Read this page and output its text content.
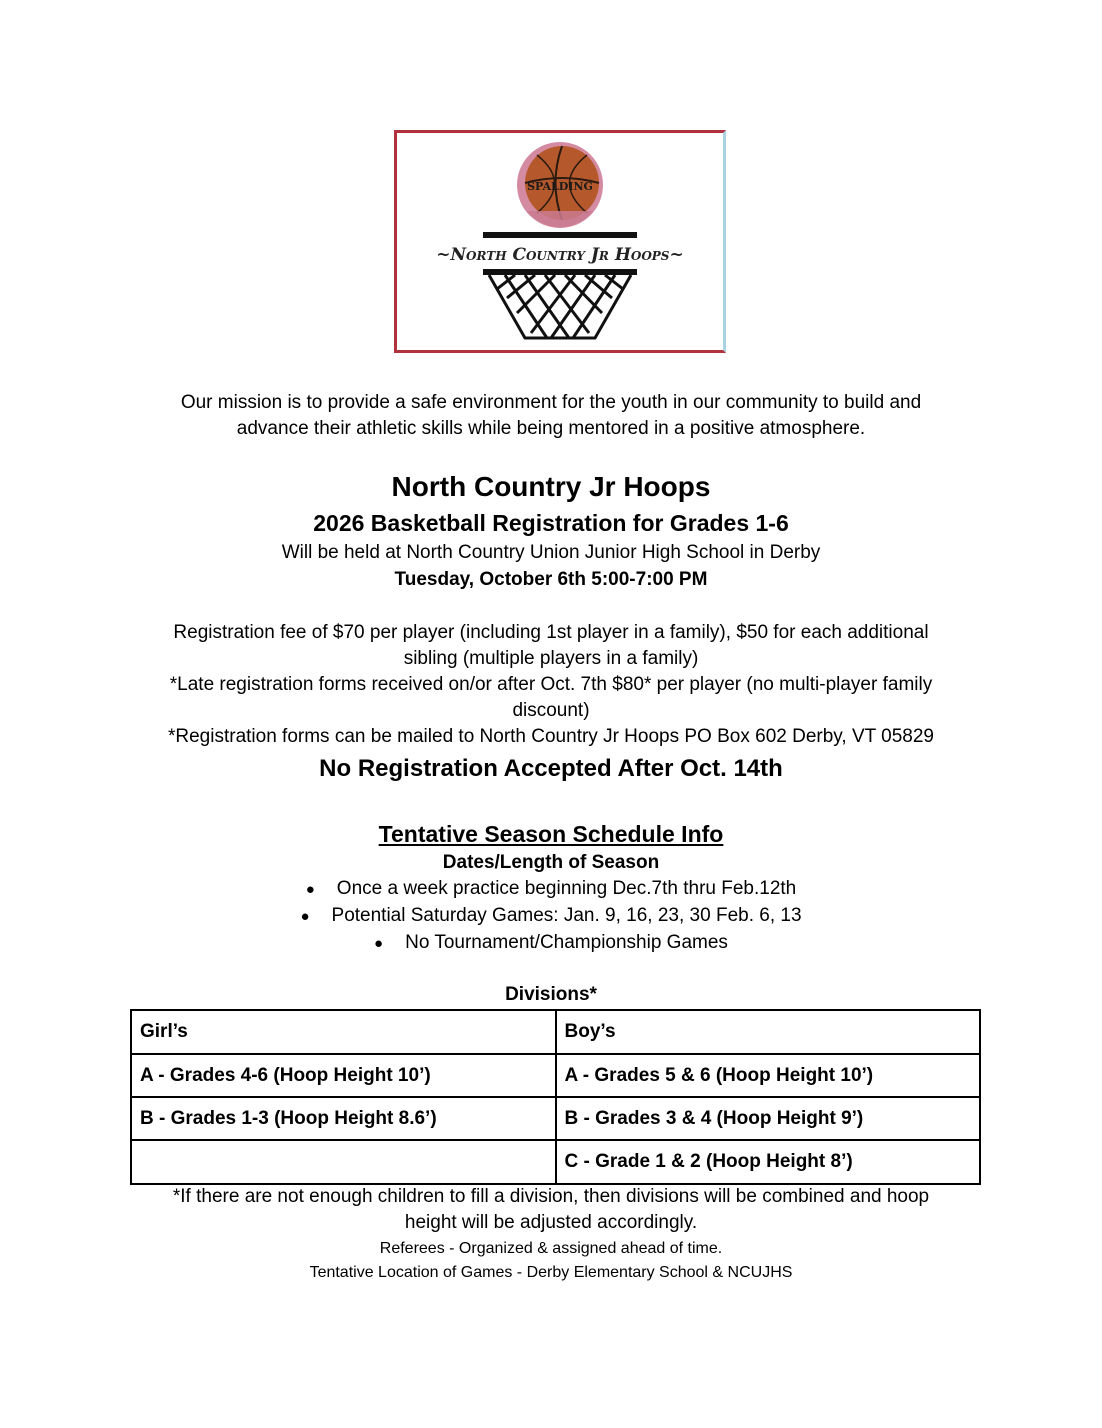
SPALDING
~North Country Jr Hoops~
Our mission is to provide a safe environment for the youth in our community to build and
advance their athletic skills while being mentored in a positive atmosphere.
North Country Jr Hoops
2026 Basketball Registration for Grades 1-6
Will be held at North Country Union Junior High School in Derby
Tuesday, October 6th 5:00-7:00 PM
Registration fee of $70 per player (including 1st player in a family), $50 for each additional
sibling (multiple players in a family)
*Late registration forms received on/or after Oct. 7th $80* per player (no multi-player family
discount)
*Registration forms can be mailed to North Country Jr Hoops PO Box 602 Derby, VT 05829
No Registration Accepted After Oct. 14th
Tentative Season Schedule Info
Dates/Length of Season
● Once a week practice beginning Dec.7th thru Feb.12th
● Potential Saturday Games: Jan. 9, 16, 23, 30 Feb. 6, 13
● No Tournament/Championship Games
Divisions*
Girl’s	Boy’s
A - Grades 4-6 (Hoop Height 10’)	A - Grades 5 & 6 (Hoop Height 10’)
B - Grades 1-3 (Hoop Height 8.6’)	B - Grades 3 & 4 (Hoop Height 9’)
	C - Grade 1 & 2 (Hoop Height 8’)
*If there are not enough children to fill a division, then divisions will be combined and hoop
height will be adjusted accordingly.
Referees - Organized & assigned ahead of time.
Tentative Location of Games - Derby Elementary School & NCUJHS
